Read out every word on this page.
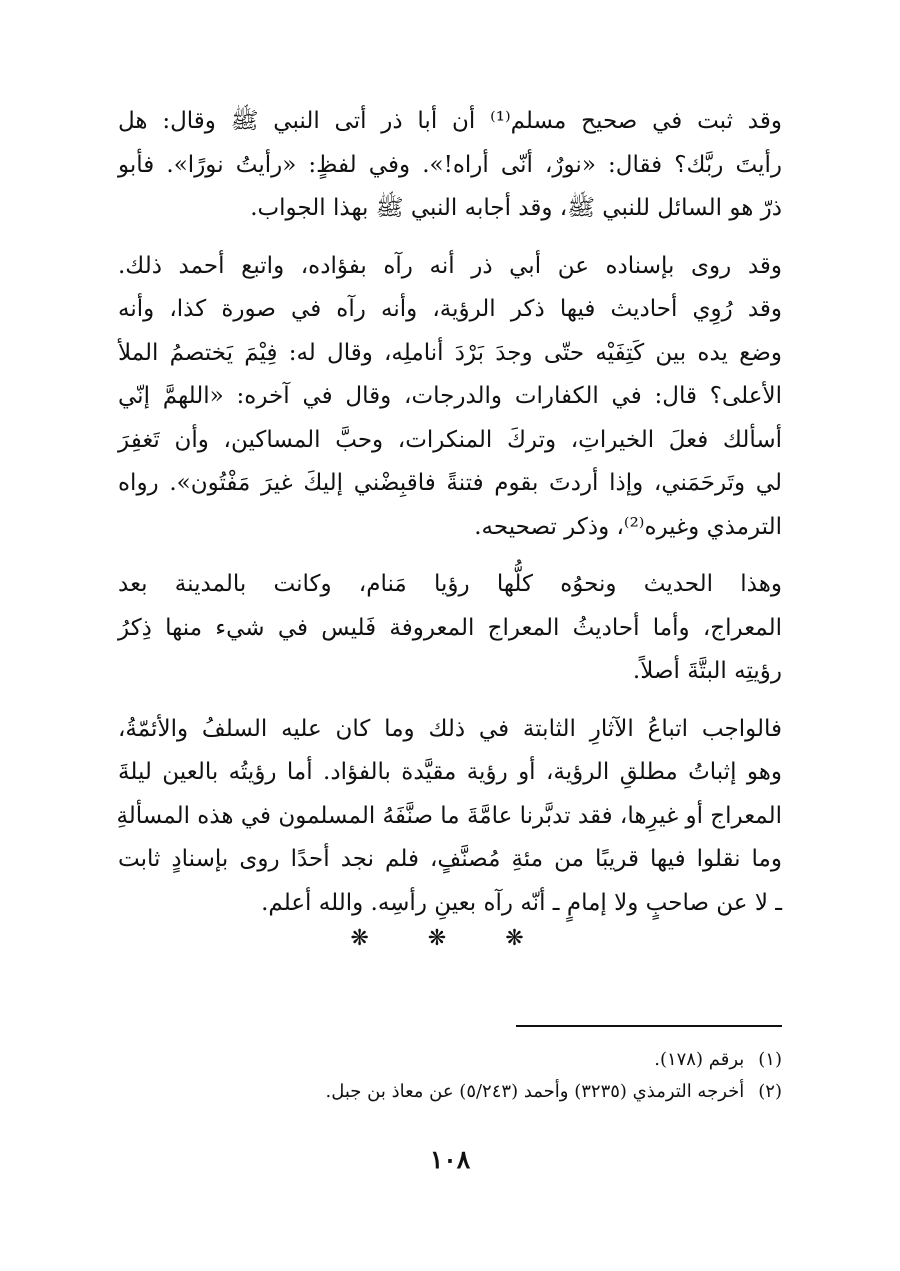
وقد ثبت في صحيح مسلم⁽¹⁾ أن أبا ذر أتى النبي ﷺ وقال: هل
رأيتَ ربَّك؟ فقال: «نورٌ، أنّى أراه!». وفي لفظٍ: «رأيتُ نورًا». فأبو
ذرّ هو السائل للنبي ﷺ، وقد أجابه النبي ﷺ بهذا الجواب.

وقد روى بإسناده عن أبي ذر أنه رآه بفؤاده، واتبع أحمد ذلك.
وقد رُوِي أحاديث فيها ذكر الرؤية، وأنه رآه في صورة كذا، وأنه
وضع يده بين كَتِفَيْه حتّى وجدَ بَرْدَ أناملِه، وقال له: فِيْمَ يَختصمُ الملأ
الأعلى؟ قال: في الكفارات والدرجات، وقال في آخره: «اللهمَّ إنّي
أسألك فعلَ الخيراتِ، وتركَ المنكرات، وحبَّ المساكين، وأن تَغفِرَ
لي وتَرحَمَني، وإذا أردتَ بقوم فتنةً فاقبِضْني إليكَ غيرَ مَفْتُون». رواه
الترمذي وغيره⁽²⁾، وذكر تصحيحه.

وهذا الحديث ونحوُه كلُّها رؤيا مَنام، وكانت بالمدينة بعد
المعراج، وأما أحاديثُ المعراج المعروفة فَليس في شيء منها ذِكرُ
رؤيتِه البتَّةَ أصلاً.

فالواجب اتباعُ الآثارِ الثابتة في ذلك وما كان عليه السلفُ والأئمّةُ،
وهو إثباتُ مطلقِ الرؤية، أو رؤية مقيَّدة بالفؤاد. أما رؤيتُه بالعين ليلةَ
المعراج أو غيرِها، فقد تدبَّرنا عامَّةَ ما صنَّفَهُ المسلمون في هذه المسألةِ
وما نقلوا فيها قريبًا من مئةِ مُصنَّفٍ، فلم نجد أحدًا روى بإسنادٍ ثابت
ـ لا عن صاحبٍ ولا إمامٍ ـ أنّه رآه بعينِ رأسِه. والله أعلم.

❋ ❋ ❋
(١)برقم (١٧٨).
(٢)أخرجه الترمذي (٣٢٣٥) وأحمد (٥/٢٤٣) عن معاذ بن جبل.
١٠٨
